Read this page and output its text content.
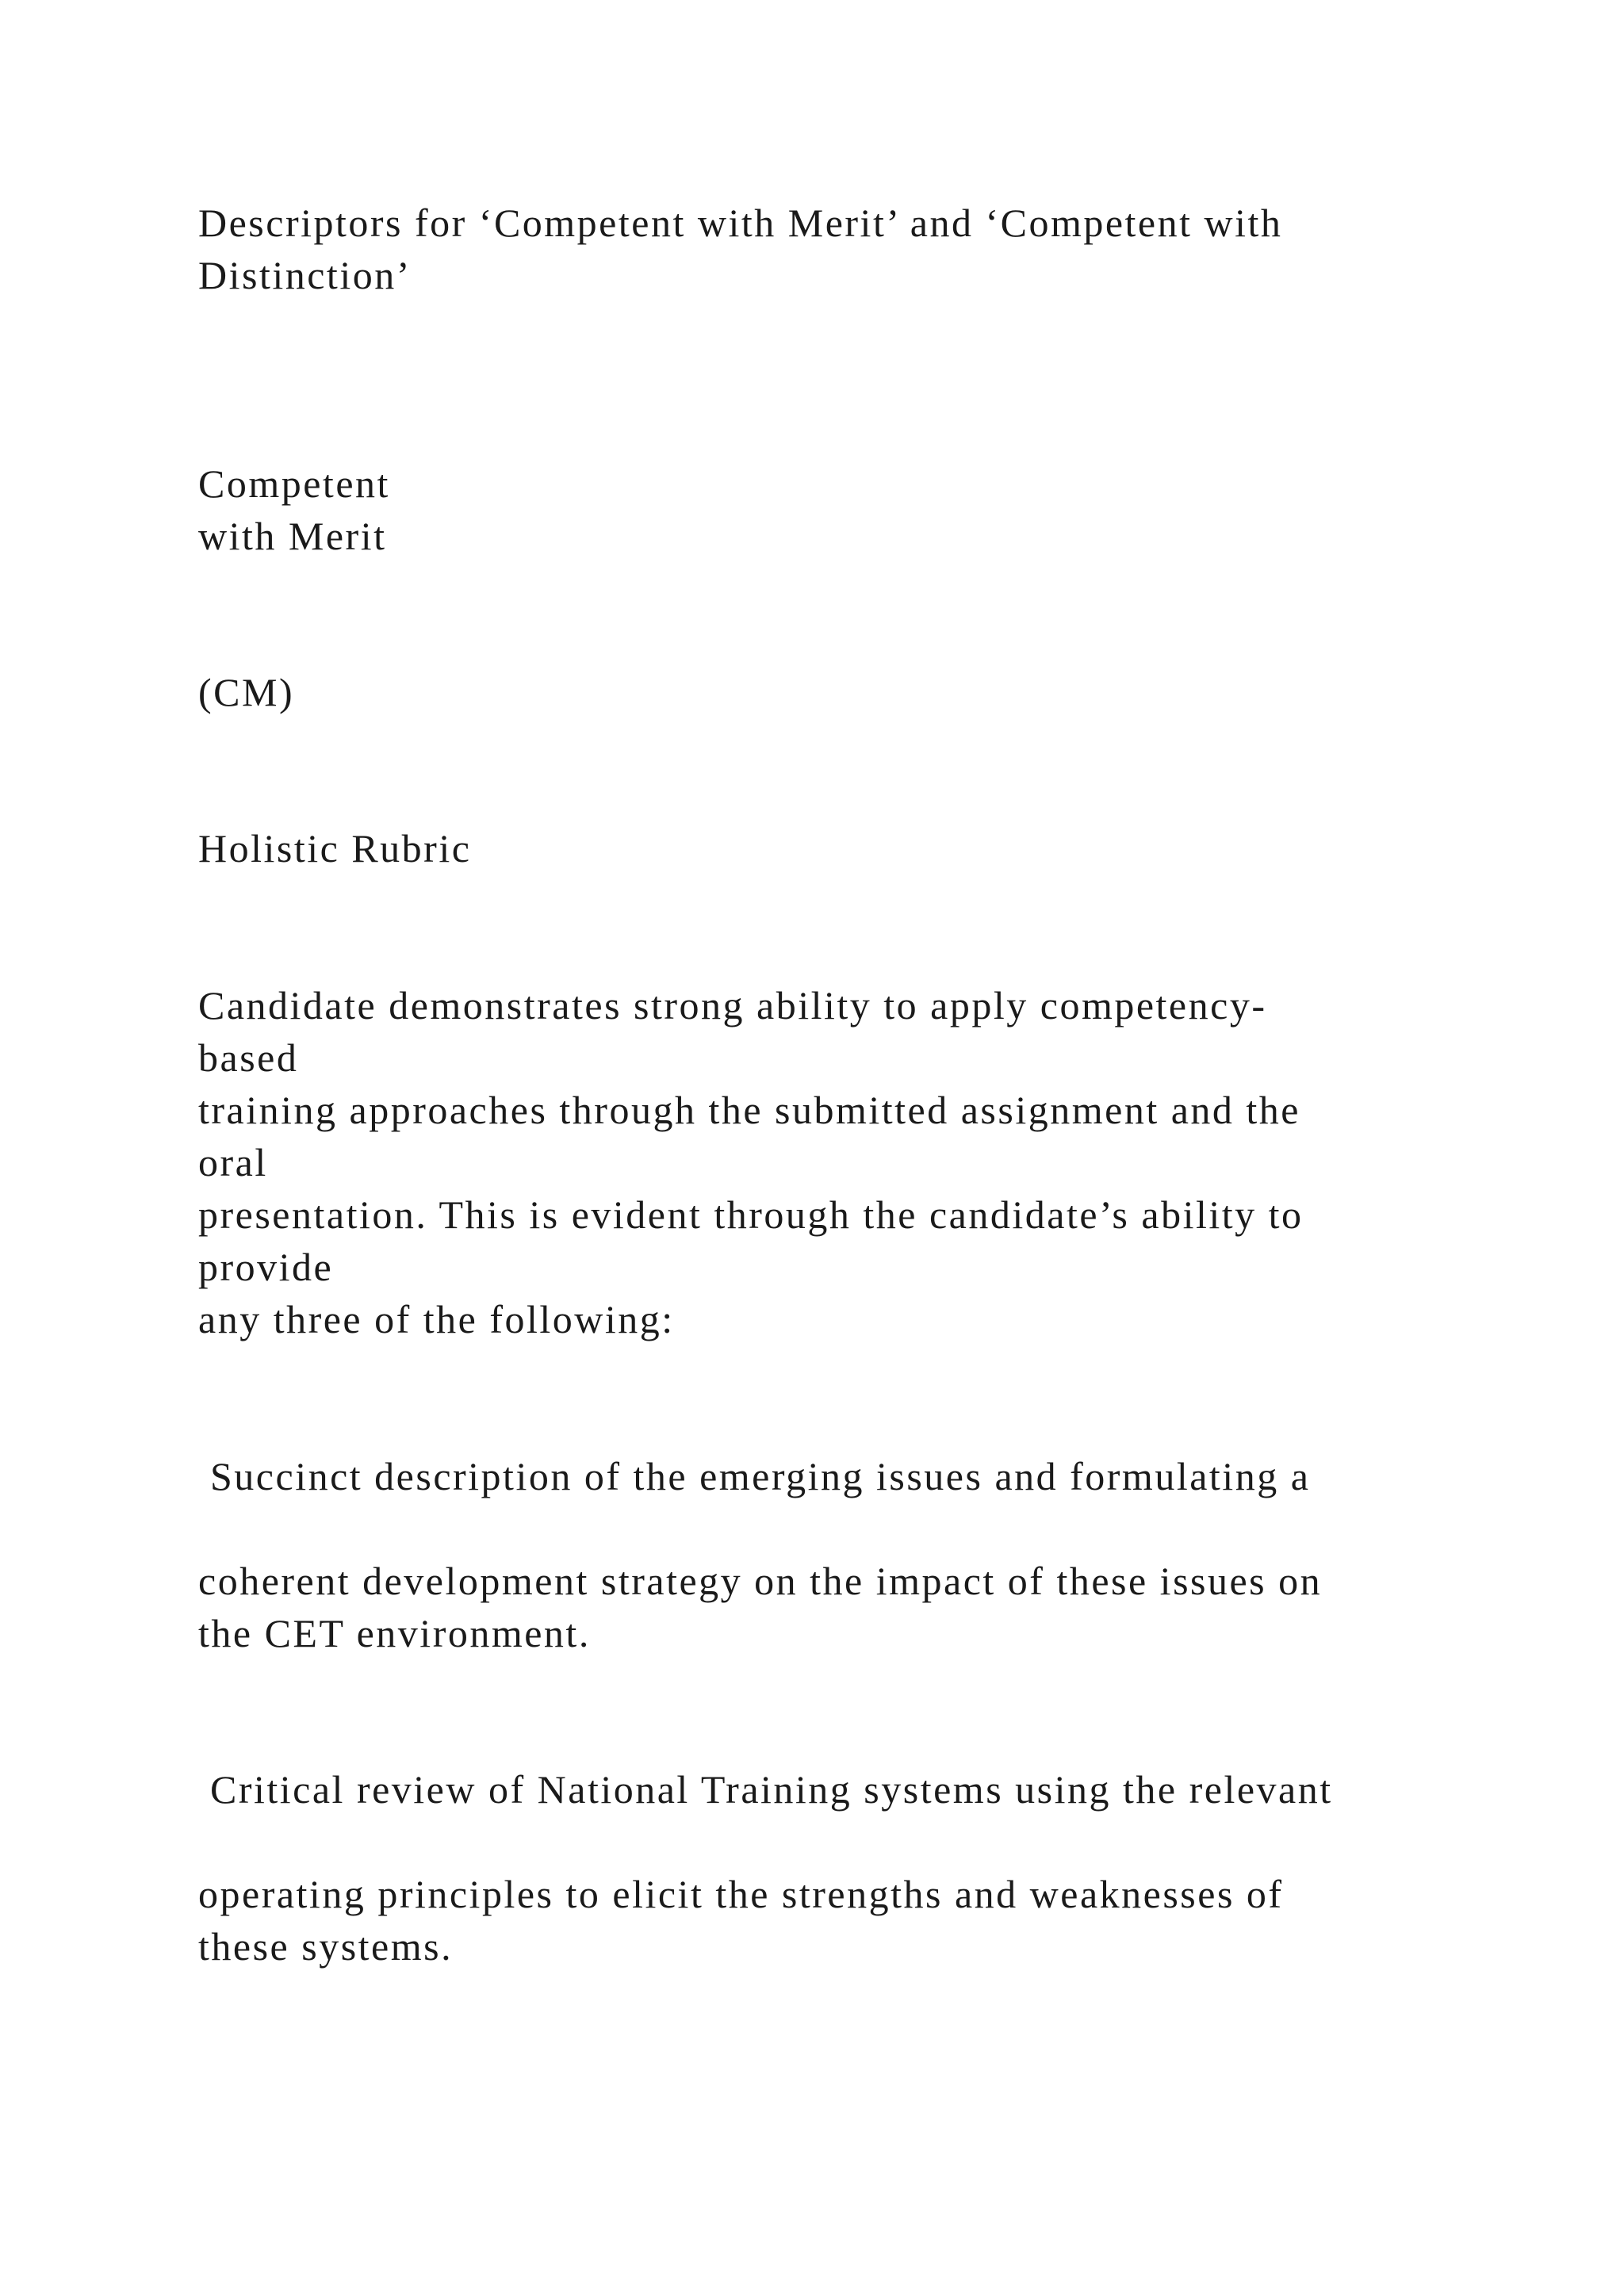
Descriptors for ‘Competent with Merit’ and ‘Competent with
Distinction’
Competent
with Merit
(CM)
Holistic Rubric
Candidate demonstrates strong ability to apply competency-
based
training approaches through the submitted assignment and the
oral
presentation. This is evident through the candidate’s ability to
provide
any three of the following:
Succinct description of the emerging issues and formulating a
coherent development strategy on the impact of these issues on
the CET environment.
Critical review of National Training systems using the relevant
operating principles to elicit the strengths and weaknesses of
these systems.
